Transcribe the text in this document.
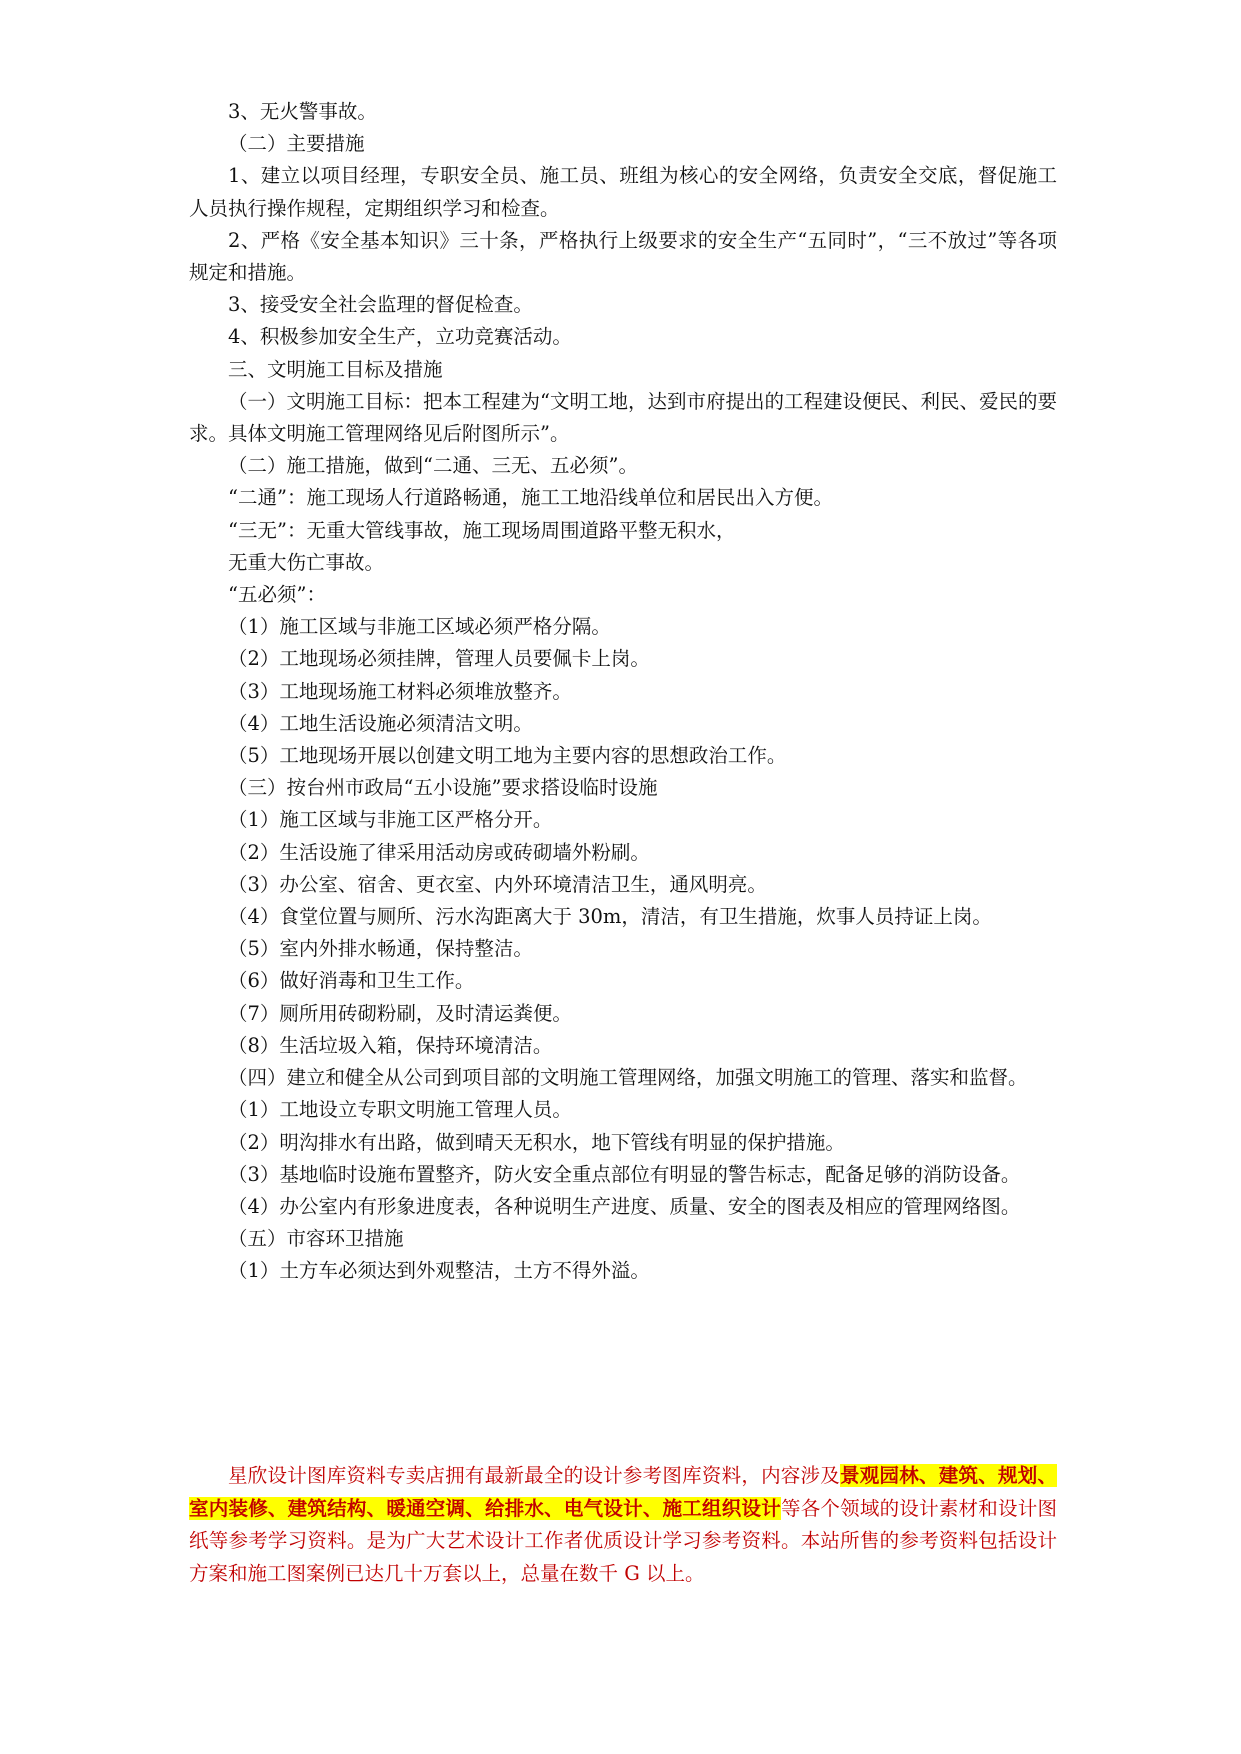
3、无火警事故。

（二）主要措施

1、建立以项目经理，专职安全员、施工员、班组为核心的安全网络，负责安全交底，督促施工人员执行操作规程，定期组织学习和检查。

2、严格《安全基本知识》三十条，严格执行上级要求的安全生产“五同时”，“三不放过”等各项规定和措施。

3、接受安全社会监理的督促检查。

4、积极参加安全生产，立功竞赛活动。

三、文明施工目标及措施

（一）文明施工目标：把本工程建为“文明工地，达到市府提出的工程建设便民、利民、爱民的要求。具体文明施工管理网络见后附图所示”。

（二）施工措施，做到“二通、三无、五必须”。

“二通”：施工现场人行道路畅通，施工工地沿线单位和居民出入方便。

“三无”：无重大管线事故，施工现场周围道路平整无积水，

无重大伤亡事故。

“五必须”：

（1）施工区域与非施工区域必须严格分隔。

（2）工地现场必须挂牌，管理人员要佩卡上岗。

（3）工地现场施工材料必须堆放整齐。

（4）工地生活设施必须清洁文明。

（5）工地现场开展以创建文明工地为主要内容的思想政治工作。

（三）按台州市政局“五小设施”要求搭设临时设施

（1）施工区域与非施工区严格分开。

（2）生活设施了律采用活动房或砖砌墙外粉刷。

（3）办公室、宿舍、更衣室、内外环境清洁卫生，通风明亮。

（4）食堂位置与厕所、污水沟距离大于 30m，清洁，有卫生措施，炊事人员持证上岗。

（5）室内外排水畅通，保持整洁。

（6）做好消毒和卫生工作。

（7）厕所用砖砌粉刷，及时清运粪便。

（8）生活垃圾入箱，保持环境清洁。

（四）建立和健全从公司到项目部的文明施工管理网络，加强文明施工的管理、落实和监督。

（1）工地设立专职文明施工管理人员。

（2）明沟排水有出路，做到晴天无积水，地下管线有明显的保护措施。

（3）基地临时设施布置整齐，防火安全重点部位有明显的警告标志，配备足够的消防设备。

（4）办公室内有形象进度表，各种说明生产进度、质量、安全的图表及相应的管理网络图。

（五）市容环卫措施

（1）土方车必须达到外观整洁，土方不得外溢。

星欣设计图库资料专卖店拥有最新最全的设计参考图库资料，内容涉及景观园林、建筑、规划、室内装修、建筑结构、暖通空调、给排水、电气设计、施工组织设计等各个领域的设计素材和设计图纸等参考学习资料。是为广大艺术设计工作者优质设计学习参考资料。本站所售的参考资料包括设计方案和施工图案例已达几十万套以上，总量在数千 G 以上。
